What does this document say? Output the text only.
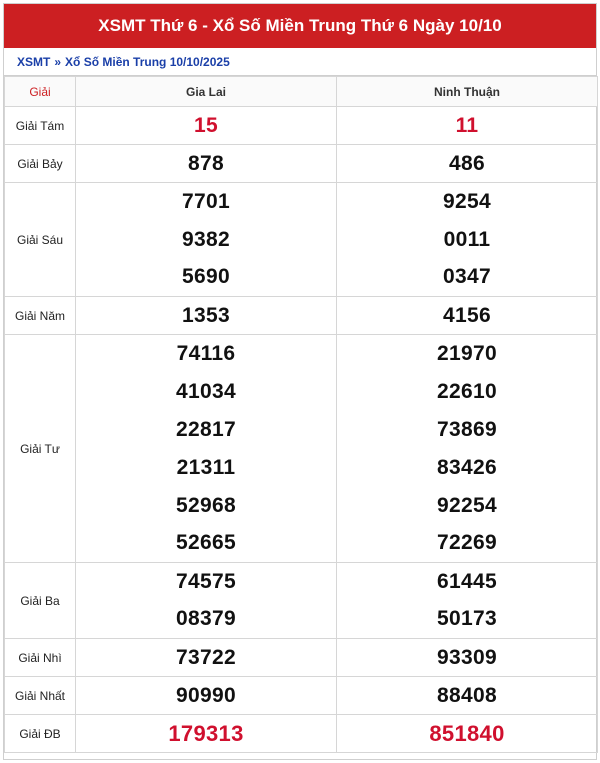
XSMT Thứ 6 - Xổ Số Miền Trung Thứ 6 Ngày 10/10
XSMT » Xổ Số Miền Trung 10/10/2025
Giải	Gia Lai	Ninh Thuận
Giải Tám	15	11
Giải Bảy	878	486
Giải Sáu	7701	9254
	9382	0011
	5690	0347
Giải Năm	1353	4156
Giải Tư	74116	21970
	41034	22610
	22817	73869
	21311	83426
	52968	92254
	52665	72269
Giải Ba	74575	61445
	08379	50173
Giải Nhì	73722	93309
Giải Nhất	90990	88408
Giải ĐB	179313	851840
